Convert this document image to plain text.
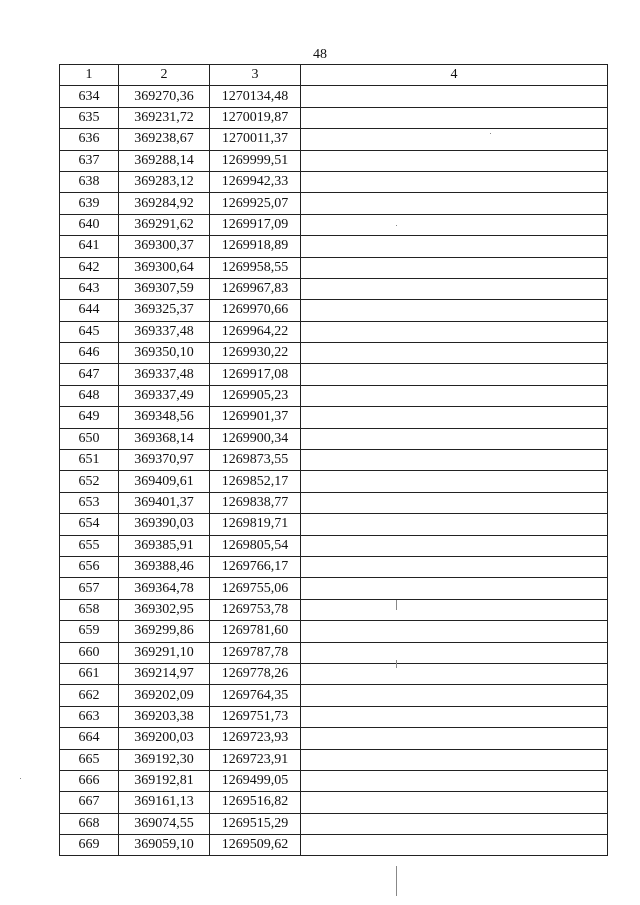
48
1	2	3	4
634	369270,36	1270134,48	
635	369231,72	1270019,87	
636	369238,67	1270011,37	
637	369288,14	1269999,51	
638	369283,12	1269942,33	
639	369284,92	1269925,07	
640	369291,62	1269917,09	
641	369300,37	1269918,89	
642	369300,64	1269958,55	
643	369307,59	1269967,83	
644	369325,37	1269970,66	
645	369337,48	1269964,22	
646	369350,10	1269930,22	
647	369337,48	1269917,08	
648	369337,49	1269905,23	
649	369348,56	1269901,37	
650	369368,14	1269900,34	
651	369370,97	1269873,55	
652	369409,61	1269852,17	
653	369401,37	1269838,77	
654	369390,03	1269819,71	
655	369385,91	1269805,54	
656	369388,46	1269766,17	
657	369364,78	1269755,06	
658	369302,95	1269753,78	
659	369299,86	1269781,60	
660	369291,10	1269787,78	
661	369214,97	1269778,26	
662	369202,09	1269764,35	
663	369203,38	1269751,73	
664	369200,03	1269723,93	
665	369192,30	1269723,91	
666	369192,81	1269499,05	
667	369161,13	1269516,82	
668	369074,55	1269515,29	
669	369059,10	1269509,62	
